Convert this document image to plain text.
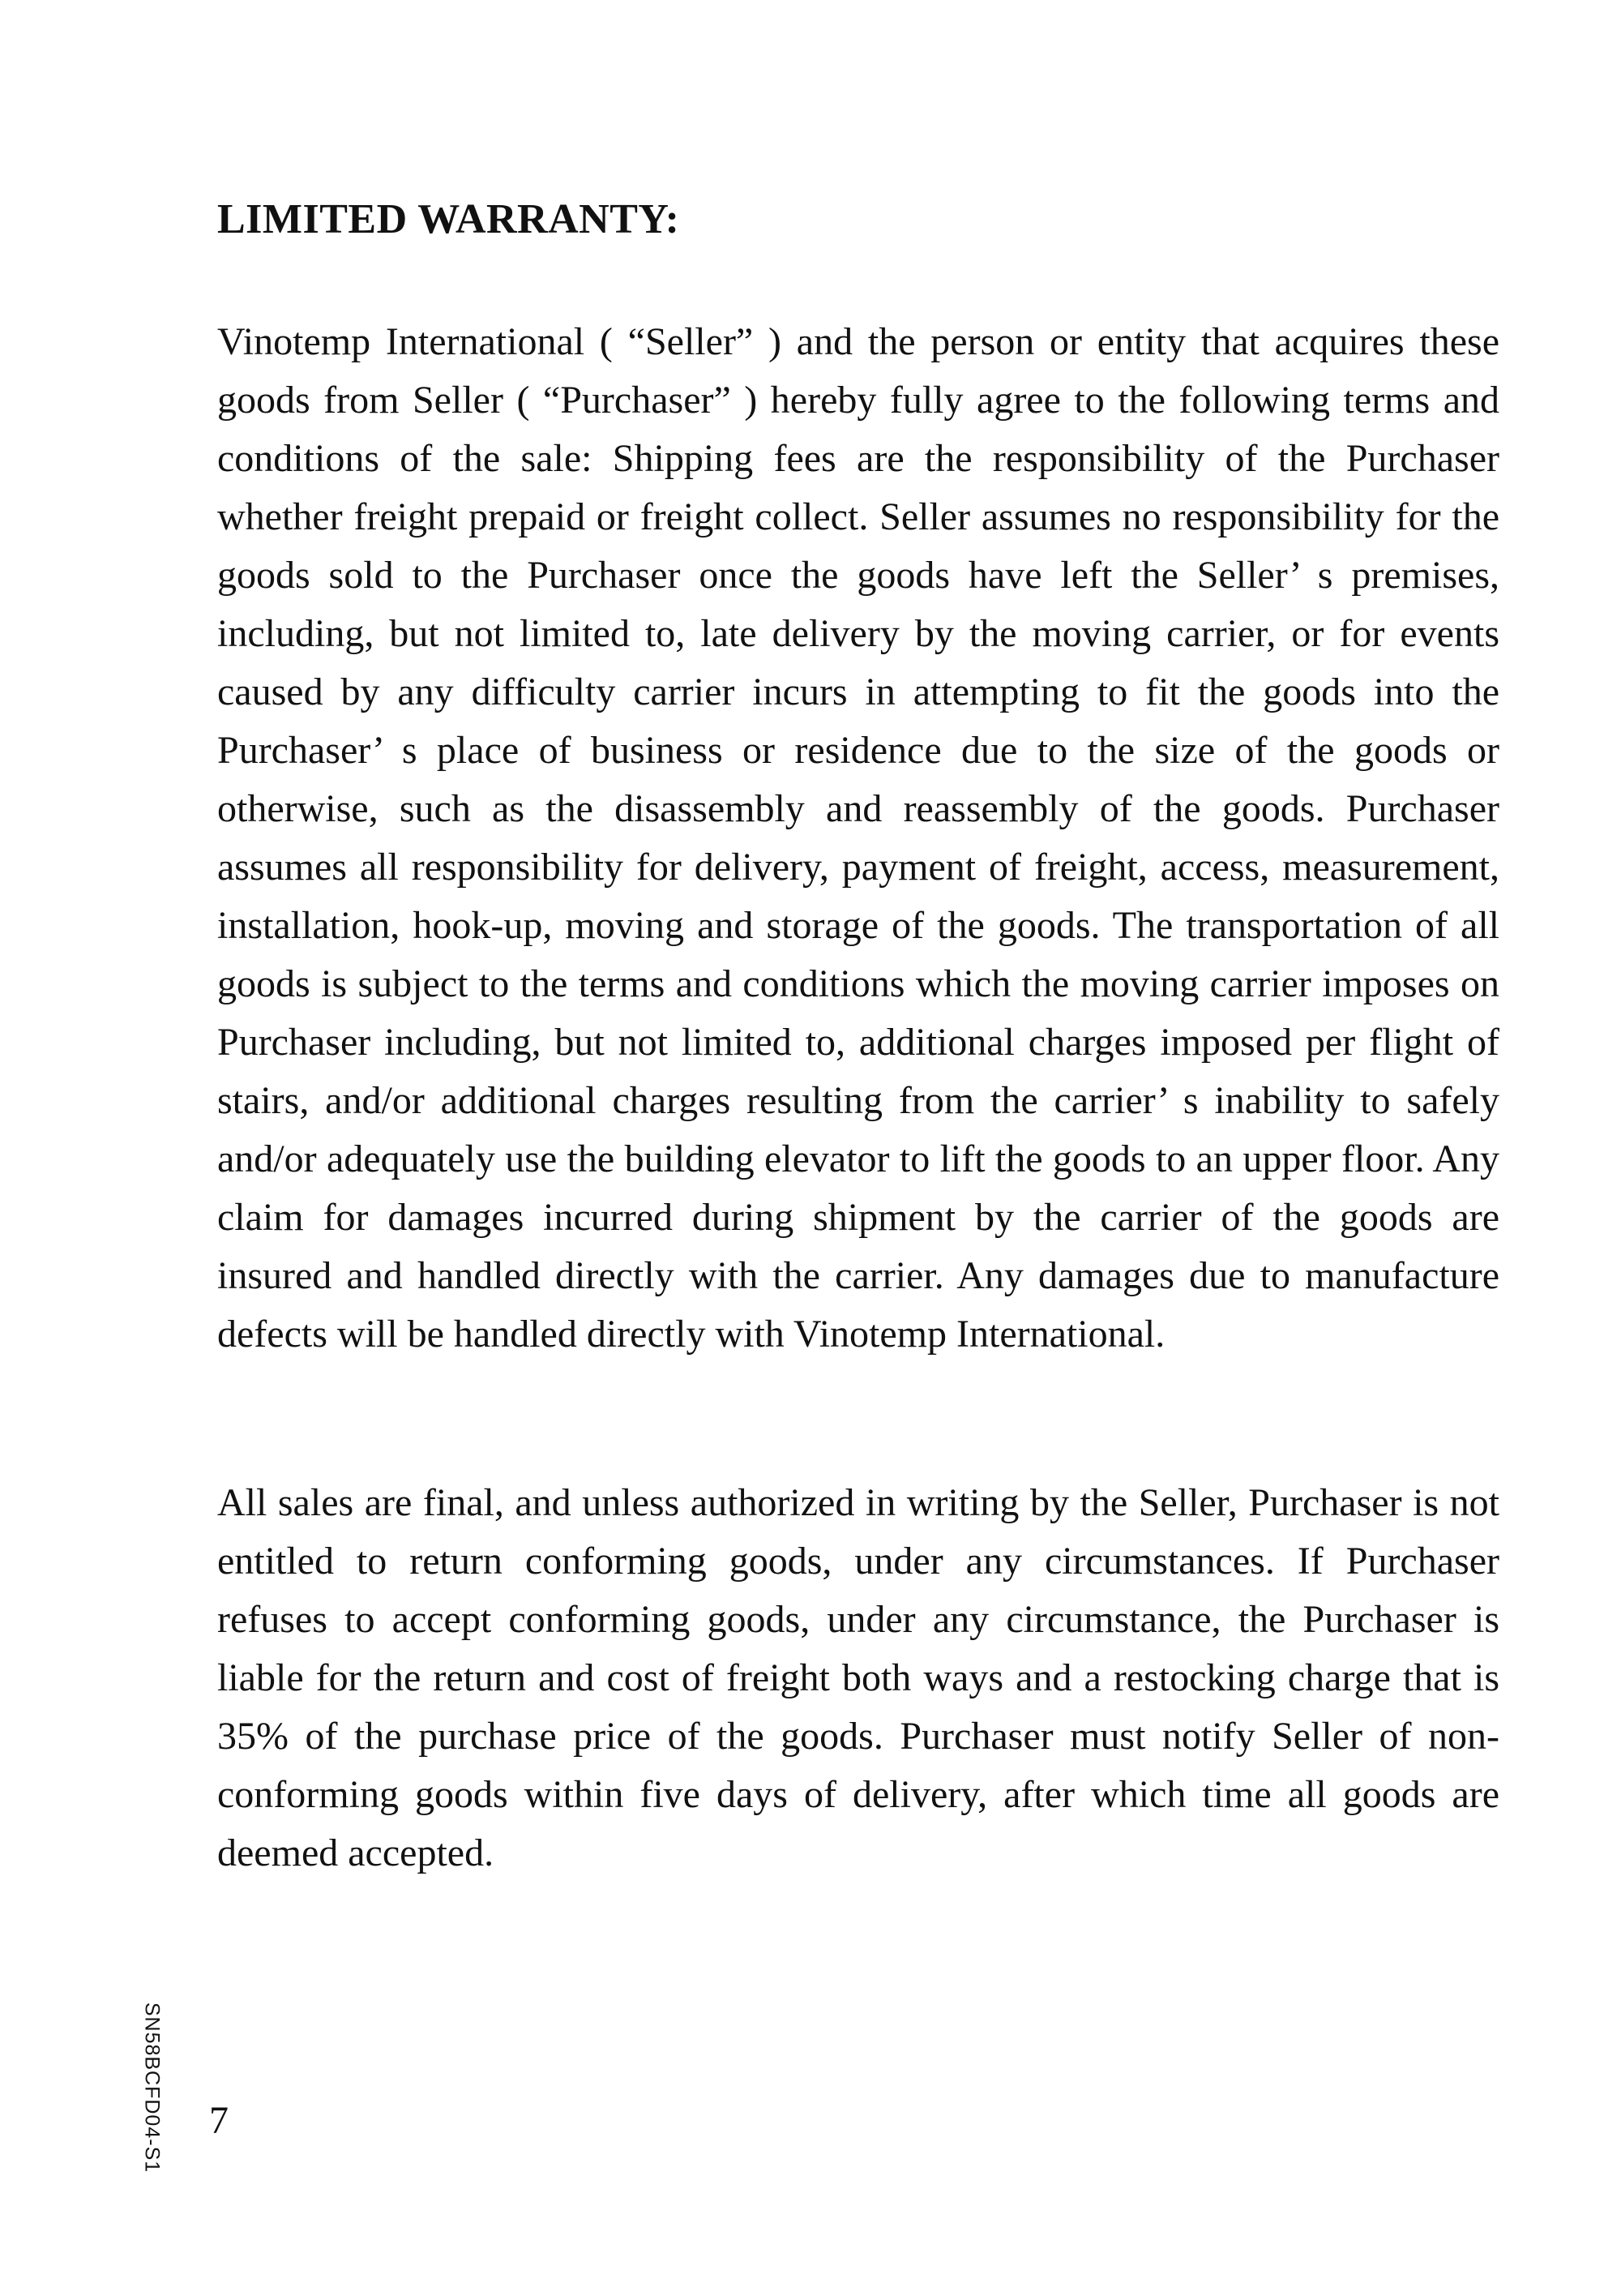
LIMITED WARRANTY:

Vinotemp International ( “Seller” ) and the person or entity that acquires these goods from Seller ( “Purchaser” ) hereby fully agree to the following terms and conditions of the sale: Shipping fees are the responsibility of the Purchaser whether freight prepaid or freight collect. Seller assumes no responsibility for the goods sold to the Purchaser once the goods have left the Seller’ s premises, including, but not limited to, late delivery by the moving carrier, or for events caused by any difficulty carrier incurs in attempting to fit the goods into the Purchaser’ s place of business or residence due to the size of the goods or otherwise, such as the disassembly and reassembly of the goods. Purchaser assumes all responsibility for delivery, payment of freight, access, measurement, installation, hook-up, moving and storage of the goods. The transportation of all goods is subject to the terms and conditions which the moving carrier imposes on Purchaser including, but not limited to, additional charges imposed per flight of stairs, and/or additional charges resulting from the carrier’ s inability to safely and/or adequately use the building elevator to lift the goods to an upper floor. Any claim for damages incurred during shipment by the carrier of the goods are insured and handled directly with the carrier. Any damages due to manufacture defects will be handled directly with Vinotemp International.

All sales are final, and unless authorized in writing by the Seller, Purchaser is not entitled to return conforming goods, under any circumstances. If Purchaser refuses to accept conforming goods, under any circumstance, the Purchaser is liable for the return and cost of freight both ways and a restocking charge that is 35% of the purchase price of the goods. Purchaser must notify Seller of non-conforming goods within five days of delivery, after which time all goods are deemed accepted.

SN58BCFD04-S1 7
